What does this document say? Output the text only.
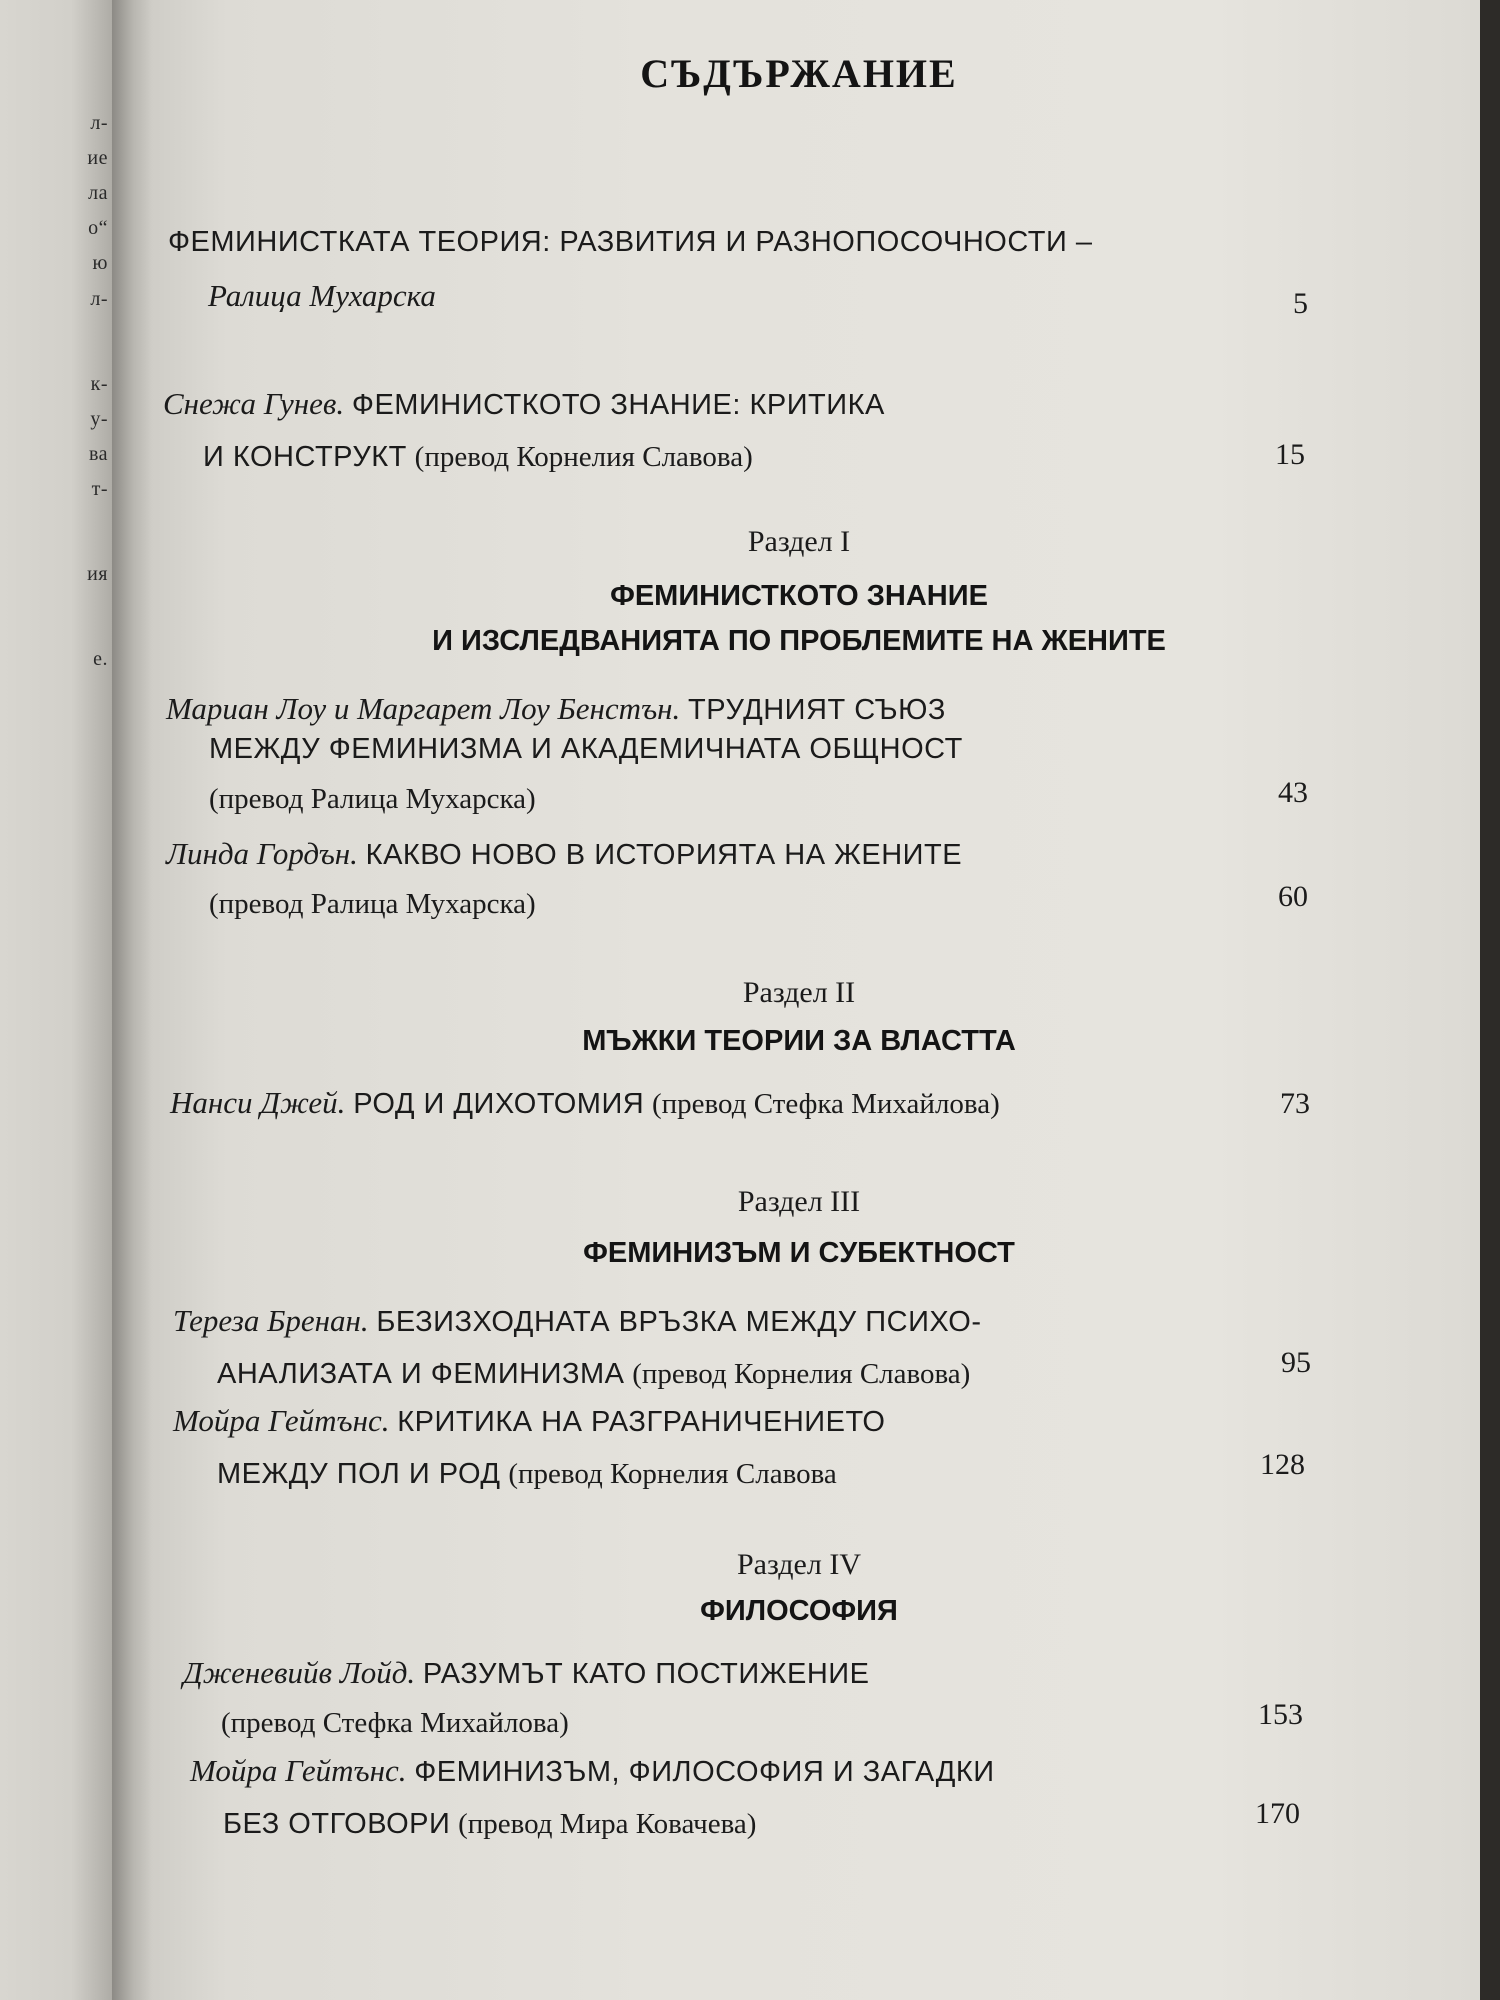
л-
ие
ла
о“
ю
л-
к-
у-
ва
т-
ия
е.
СЪДЪРЖАНИЕ
ФЕМИНИСТКАТА ТЕОРИЯ: РАЗВИТИЯ И РАЗНОПОСОЧНОСТИ –
Ралица Мухарска	5
Снежа Гунев. ФЕМИНИСТКОТО ЗНАНИЕ: КРИТИКА
И КОНСТРУКТ (превод Корнелия Славова)	15
Раздел I
ФЕМИНИСТКОТО ЗНАНИЕ
И ИЗСЛЕДВАНИЯТА ПО ПРОБЛЕМИТЕ НА ЖЕНИТЕ
Мариан Лоу и Маргарет Лоу Бенстън. ТРУДНИЯТ СЪЮЗ
МЕЖДУ ФЕМИНИЗМА И АКАДЕМИЧНАТА ОБЩНОСТ
(превод Ралица Мухарска)	43
Линда Гордън. КАКВО НОВО В ИСТОРИЯТА НА ЖЕНИТЕ
(превод Ралица Мухарска)	60
Раздел II
МЪЖКИ ТЕОРИИ ЗА ВЛАСТТА
Нанси Джей. РОД И ДИХОТОМИЯ (превод Стефка Михайлова)	73
Раздел III
ФЕМИНИЗЪМ И СУБЕКТНОСТ
Тереза Бренан. БЕЗИЗХОДНАТА ВРЪЗКА МЕЖДУ ПСИХО-
АНАЛИЗАТА И ФЕМИНИЗМА (превод Корнелия Славова)	95
Мойра Гейтънс. КРИТИКА НА РАЗГРАНИЧЕНИЕТО
МЕЖДУ ПОЛ И РОД (превод Корнелия Славова	128
Раздел IV
ФИЛОСОФИЯ
Дженевийв Лойд. РАЗУМЪТ КАТО ПОСТИЖЕНИЕ
(превод Стефка Михайлова)	153
Мойра Гейтънс. ФЕМИНИЗЪМ, ФИЛОСОФИЯ И ЗАГАДКИ
БЕЗ ОТГОВОРИ (превод Мира Ковачева)	170
